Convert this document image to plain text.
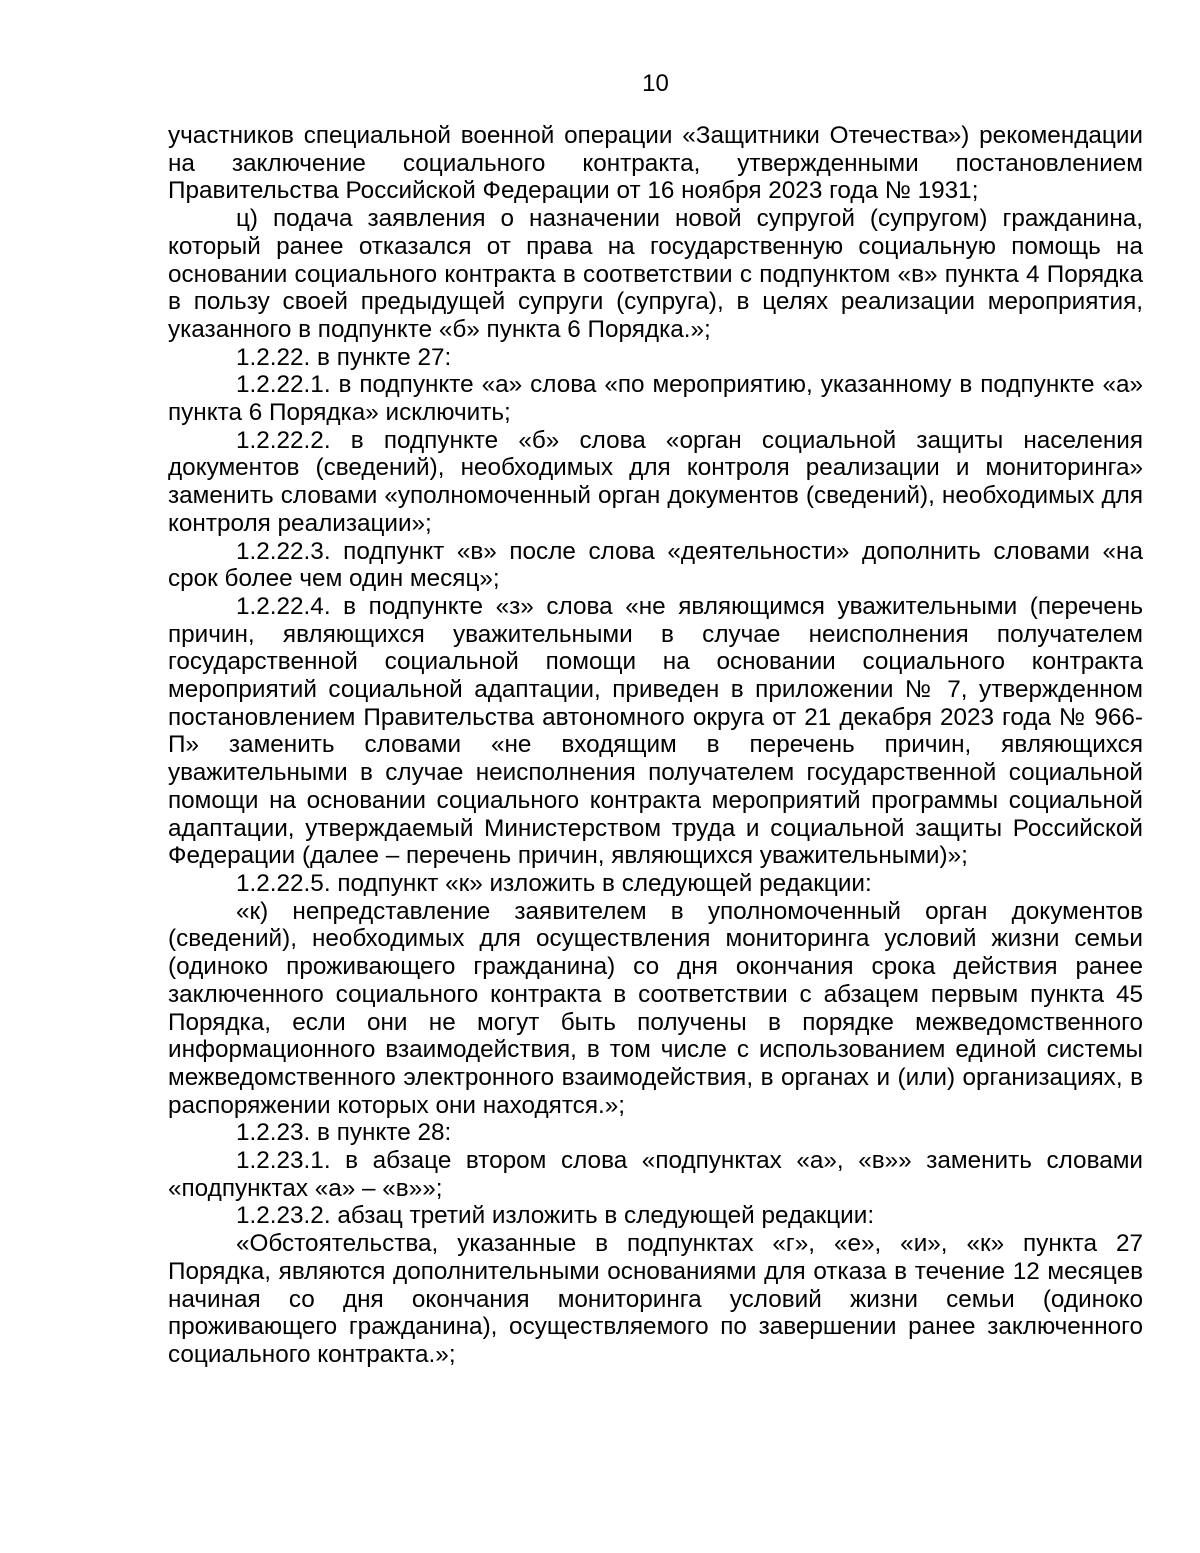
10

участников специальной военной операции «Защитники Отечества») рекомендации на заключение социального контракта, утвержденными постановлением Правительства Российской Федерации от 16 ноября 2023 года № 1931;

ц) подача заявления о назначении новой супругой (супругом) гражданина, который ранее отказался от права на государственную социальную помощь на основании социального контракта в соответствии с подпунктом «в» пункта 4 Порядка в пользу своей предыдущей супруги (супруга), в целях реализации мероприятия, указанного в подпункте «б» пункта 6 Порядка.»;

1.2.22. в пункте 27:

1.2.22.1. в подпункте «а» слова «по мероприятию, указанному в подпункте «а» пункта 6 Порядка» исключить;

1.2.22.2. в подпункте «б» слова «орган социальной защиты населения документов (сведений), необходимых для контроля реализации и мониторинга» заменить словами «уполномоченный орган документов (сведений), необходимых для контроля реализации»;

1.2.22.3. подпункт «в» после слова «деятельности» дополнить словами «на срок более чем один месяц»;

1.2.22.4. в подпункте «з» слова «не являющимся уважительными (перечень причин, являющихся уважительными в случае неисполнения получателем государственной социальной помощи на основании социального контракта мероприятий социальной адаптации, приведен в приложении № 7, утвержденном постановлением Правительства автономного округа от 21 декабря 2023 года № 966-П» заменить словами «не входящим в перечень причин, являющихся уважительными в случае неисполнения получателем государственной социальной помощи на основании социального контракта мероприятий программы социальной адаптации, утверждаемый Министерством труда и социальной защиты Российской Федерации (далее – перечень причин, являющихся уважительными)»;

1.2.22.5. подпункт «к» изложить в следующей редакции:

«к) непредставление заявителем в уполномоченный орган документов (сведений), необходимых для осуществления мониторинга условий жизни семьи (одиноко проживающего гражданина) со дня окончания срока действия ранее заключенного социального контракта в соответствии с абзацем первым пункта 45 Порядка, если они не могут быть получены в порядке межведомственного информационного взаимодействия, в том числе с использованием единой системы межведомственного электронного взаимодействия, в органах и (или) организациях, в распоряжении которых они находятся.»;

1.2.23. в пункте 28:

1.2.23.1. в абзаце втором слова «подпунктах «а», «в»» заменить словами «подпунктах «а» – «в»»;

1.2.23.2. абзац третий изложить в следующей редакции:

«Обстоятельства, указанные в подпунктах «г», «е», «и», «к» пункта 27 Порядка, являются дополнительными основаниями для отказа в течение 12 месяцев начиная со дня окончания мониторинга условий жизни семьи (одиноко проживающего гражданина), осуществляемого по завершении ранее заключенного социального контракта.»;
